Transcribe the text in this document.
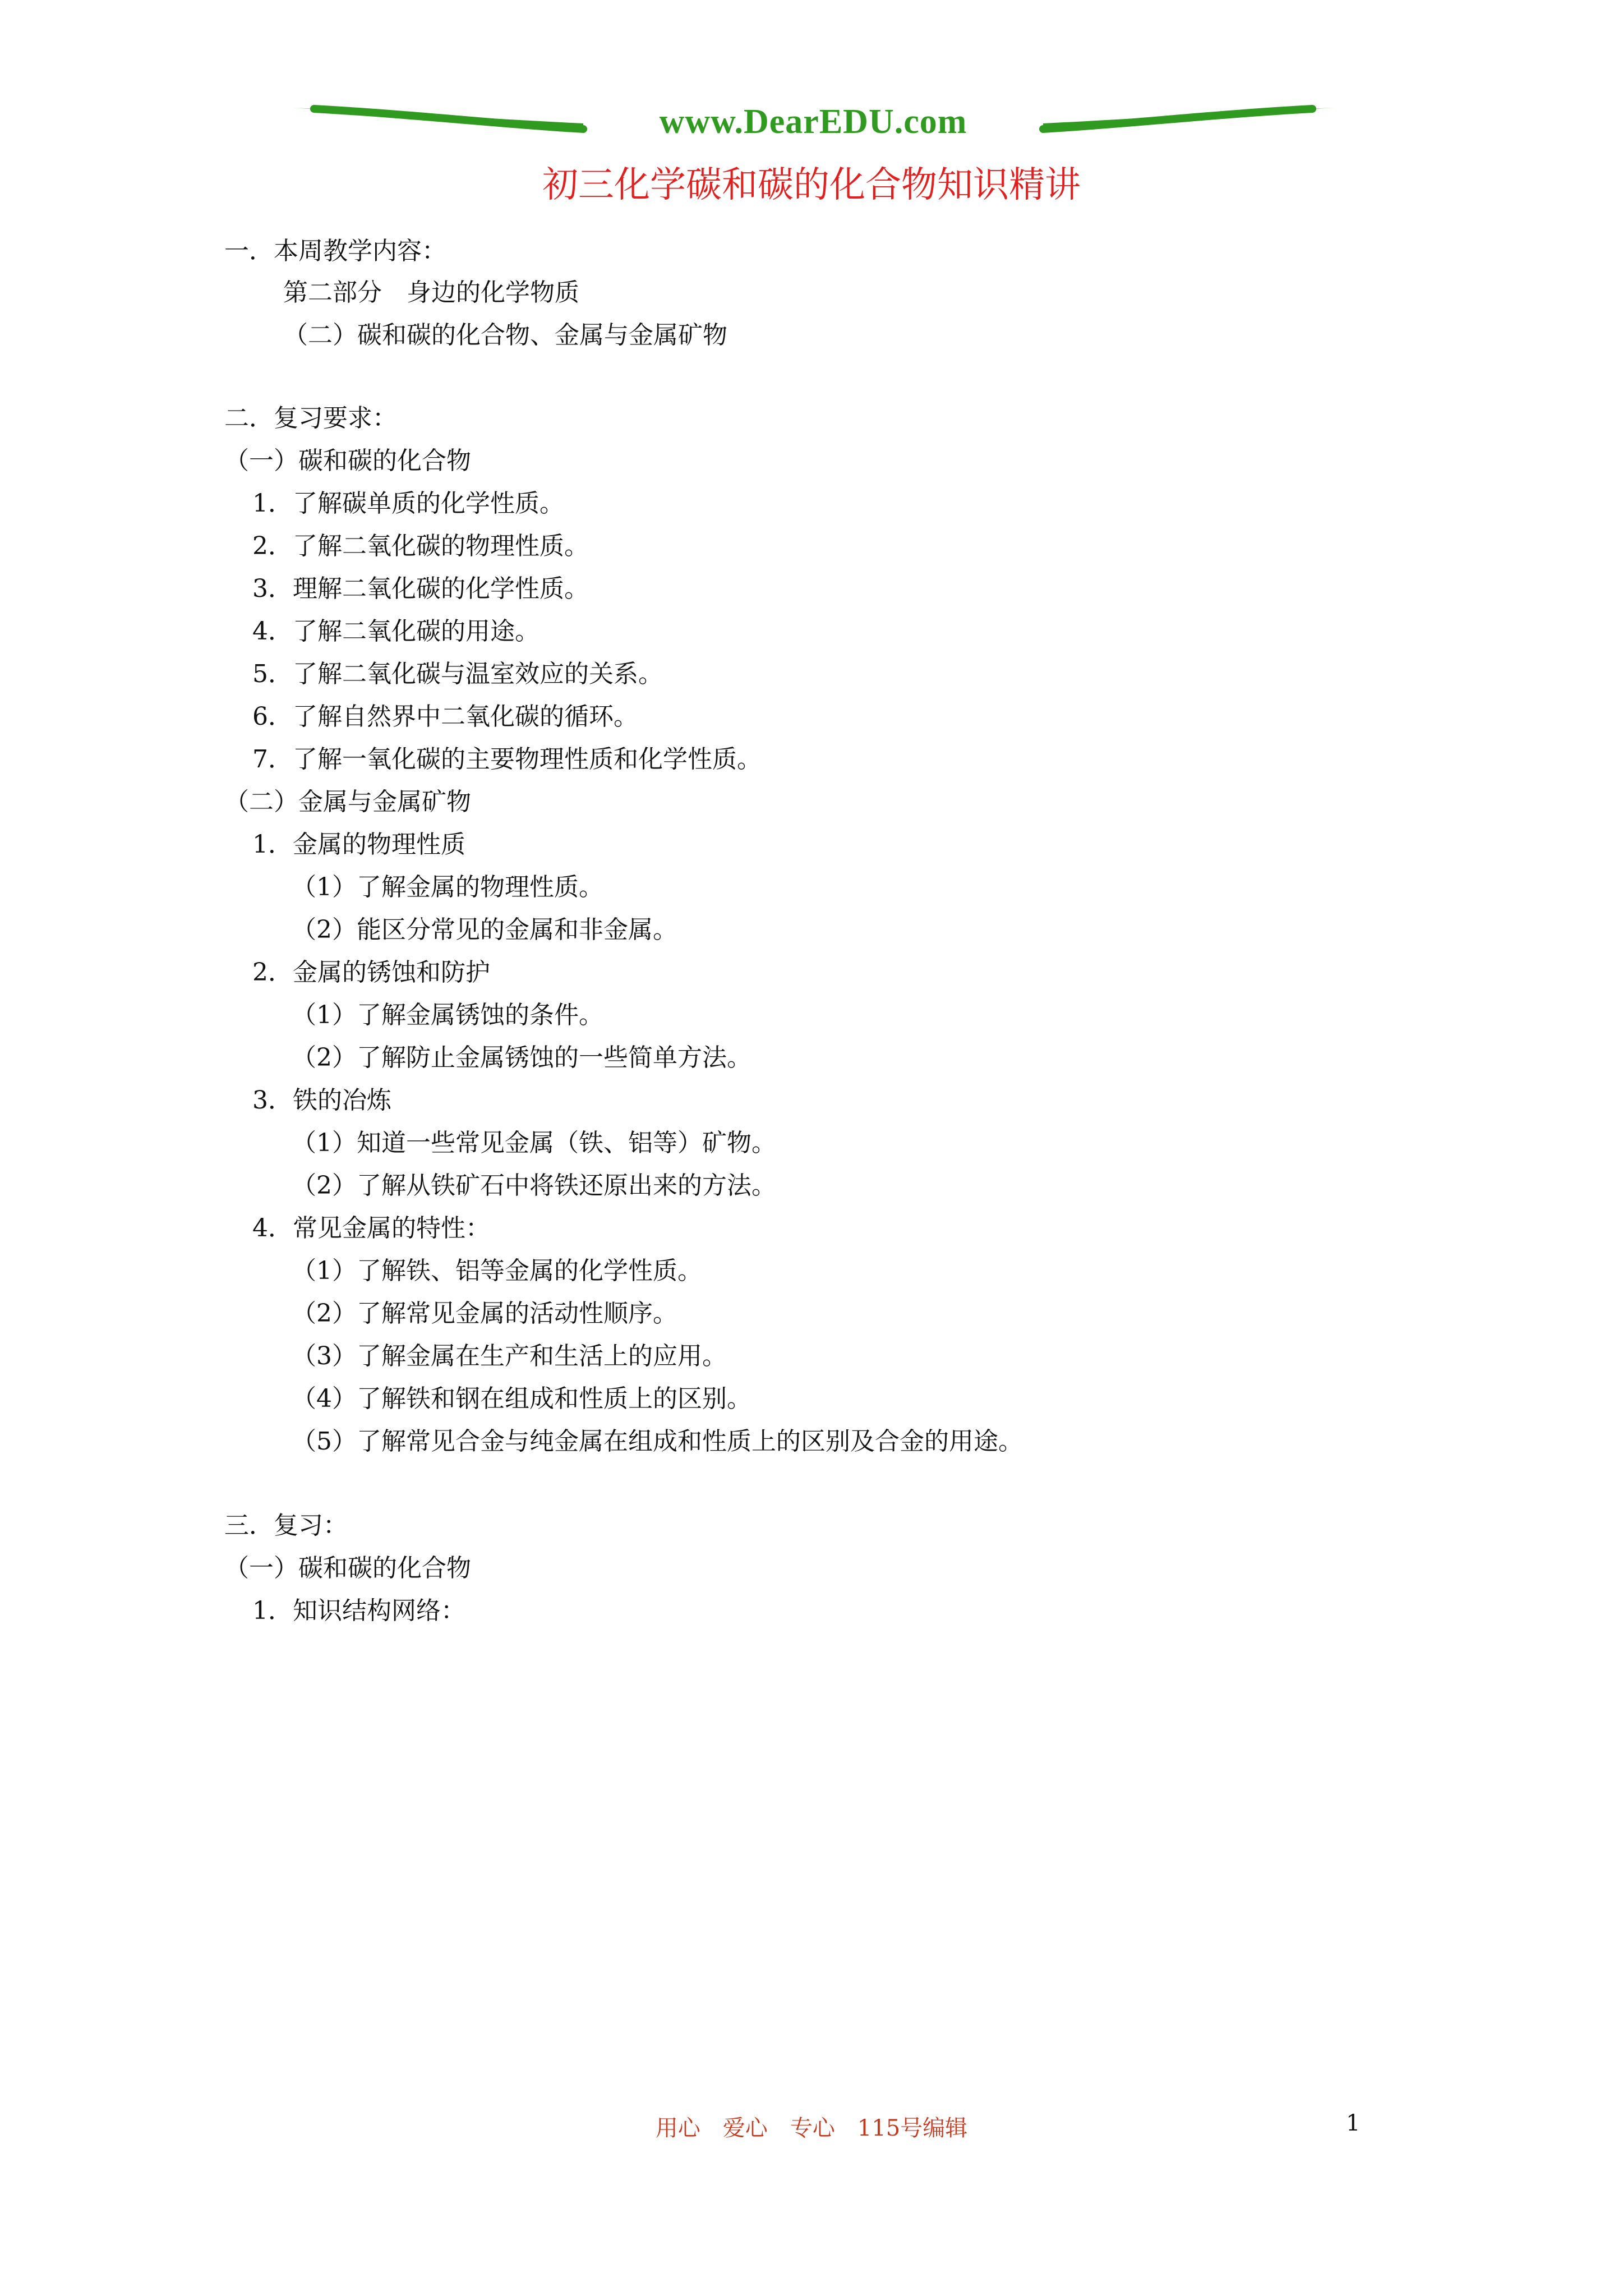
www.DearEDU.com
初三化学碳和碳的化合物知识精讲
一．本周教学内容：
第二部分　身边的化学物质
（二）碳和碳的化合物、金属与金属矿物
二．复习要求：
（一）碳和碳的化合物
1．了解碳单质的化学性质。
2．了解二氧化碳的物理性质。
3．理解二氧化碳的化学性质。
4．了解二氧化碳的用途。
5．了解二氧化碳与温室效应的关系。
6．了解自然界中二氧化碳的循环。
7．了解一氧化碳的主要物理性质和化学性质。
（二）金属与金属矿物
1．金属的物理性质
（1）了解金属的物理性质。
（2）能区分常见的金属和非金属。
2．金属的锈蚀和防护
（1）了解金属锈蚀的条件。
（2）了解防止金属锈蚀的一些简单方法。
3．铁的冶炼
（1）知道一些常见金属（铁、铝等）矿物。
（2）了解从铁矿石中将铁还原出来的方法。
4．常见金属的特性：
（1）了解铁、铝等金属的化学性质。
（2）了解常见金属的活动性顺序。
（3）了解金属在生产和生活上的应用。
（4）了解铁和钢在组成和性质上的区别。
（5）了解常见合金与纯金属在组成和性质上的区别及合金的用途。
三．复习：
（一）碳和碳的化合物
1．知识结构网络：
用心　爱心　专心　115号编辑	1
